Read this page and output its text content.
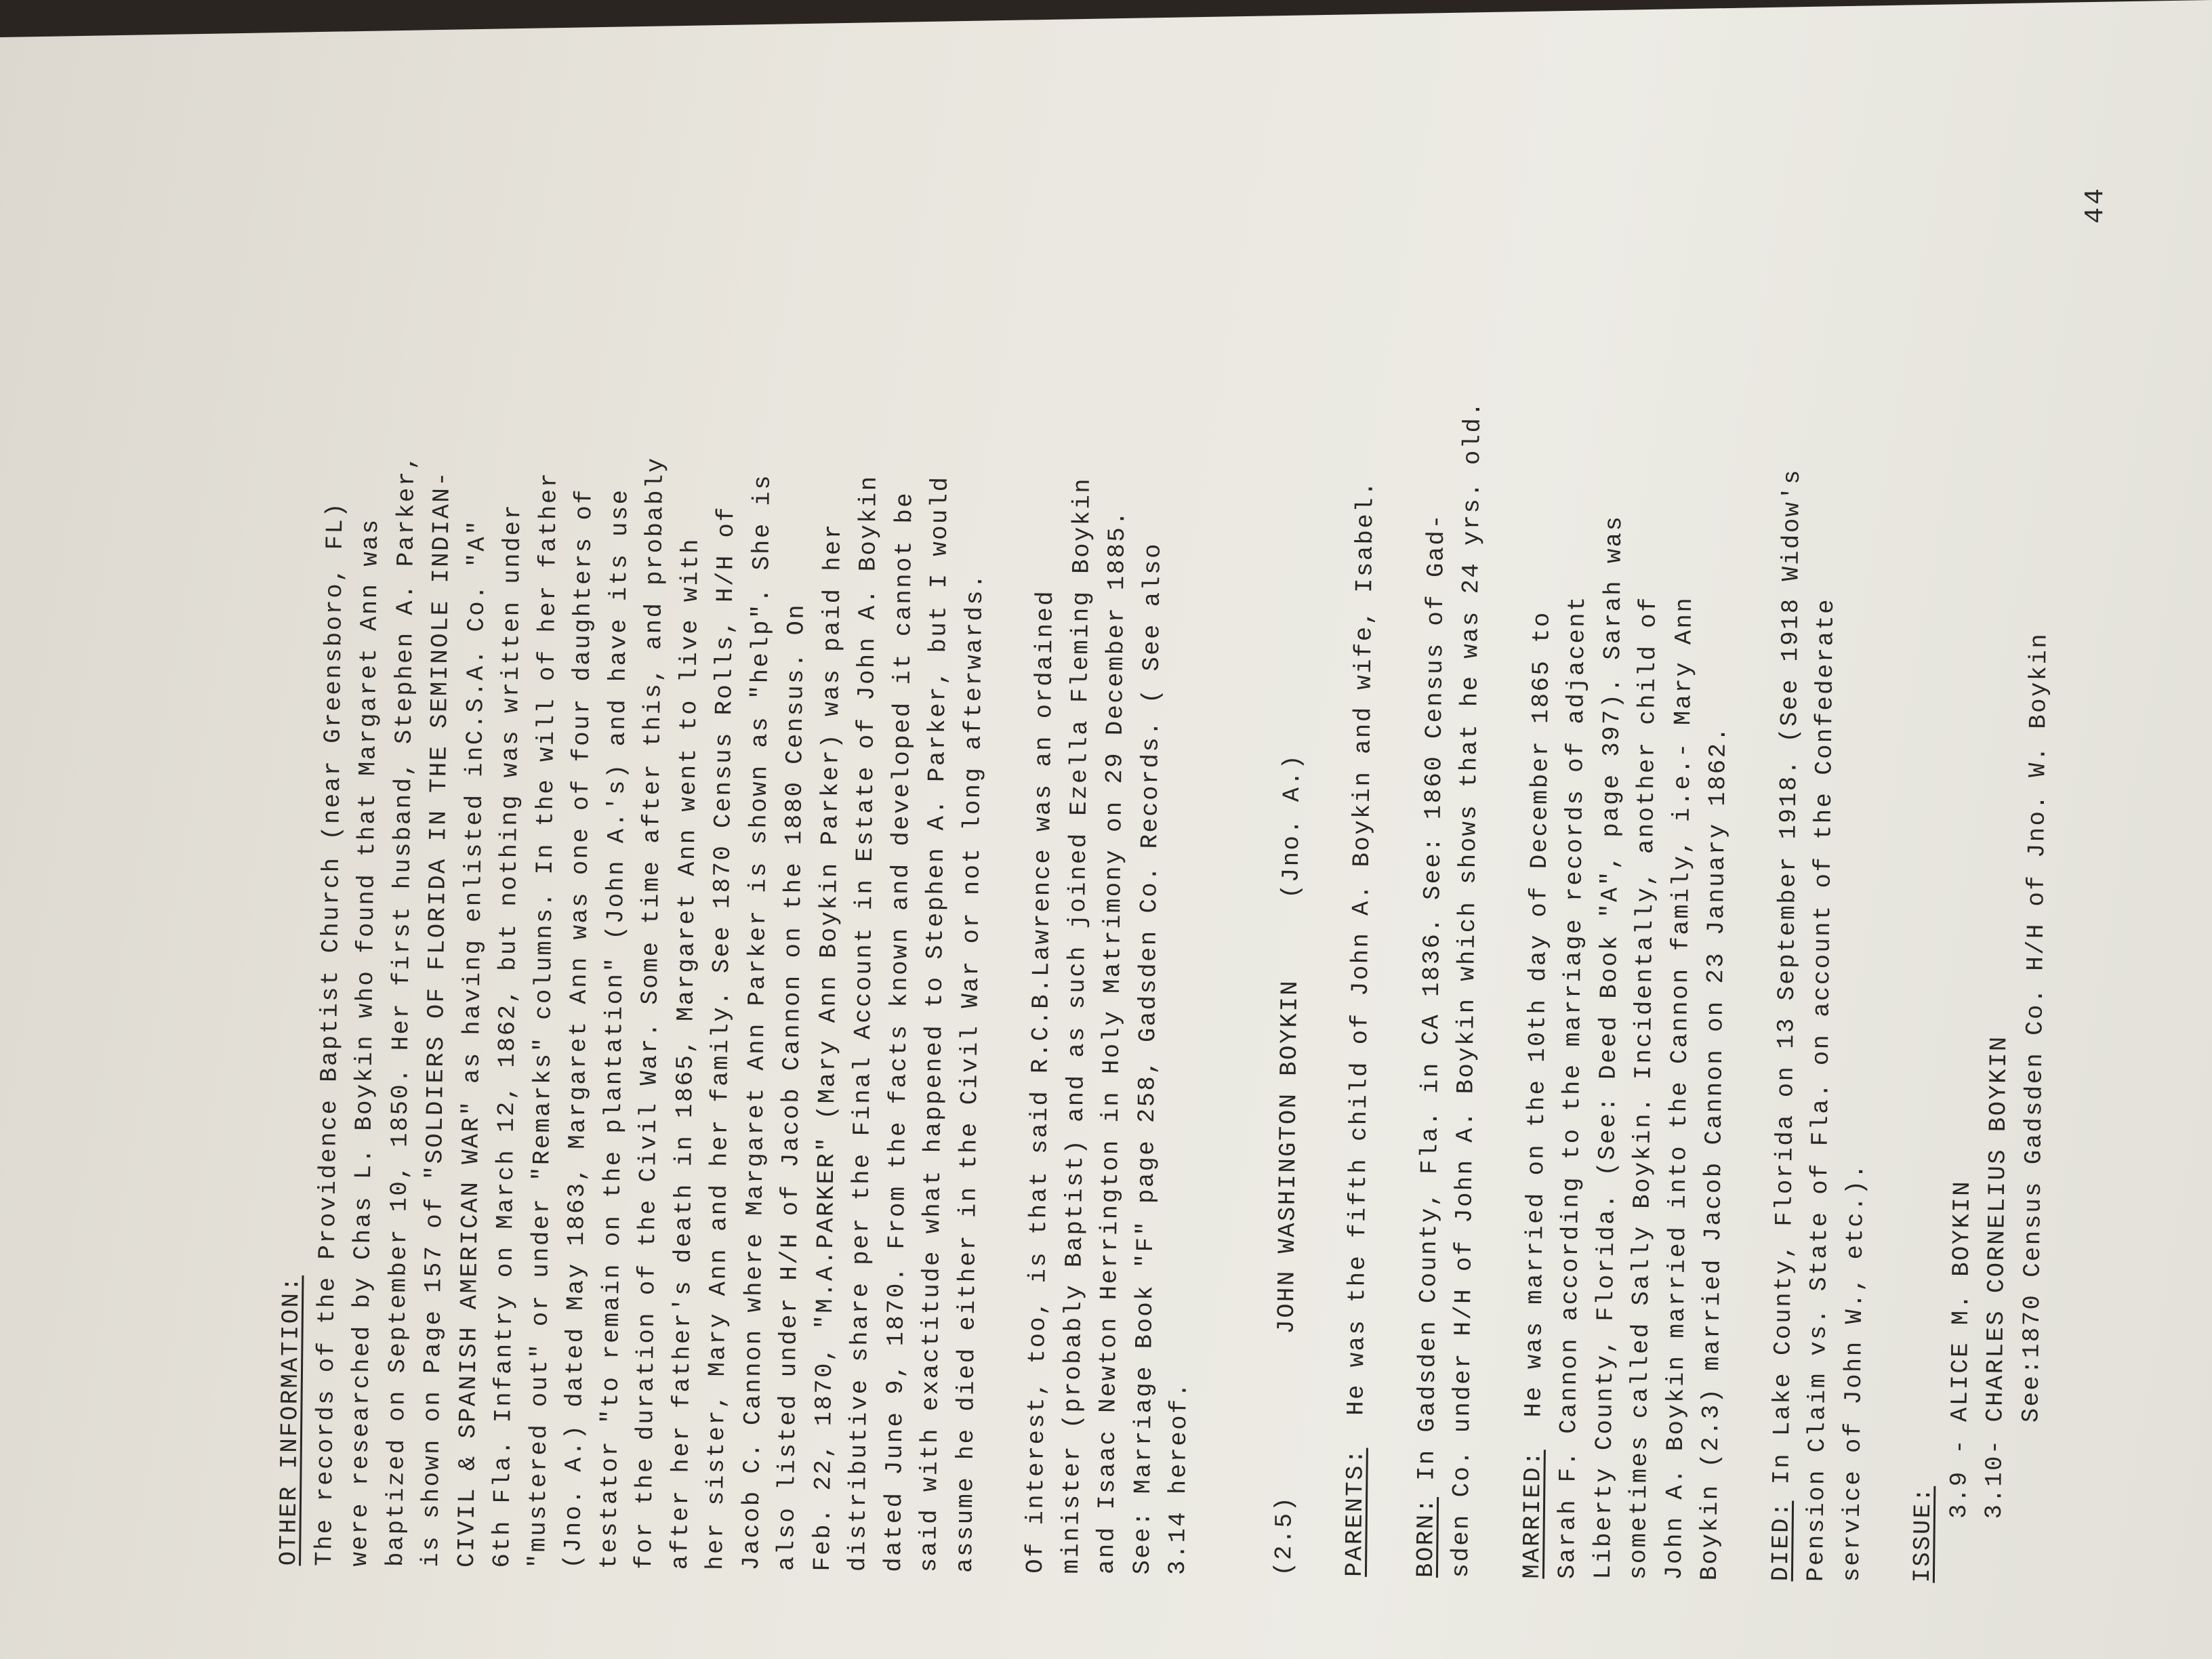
44
OTHER INFORMATION: The records of the Providence Baptist Church (near Greensboro, FL)
were researched by Chas L. Boykin who found that Margaret Ann was
baptized on September 10, 1850. Her first husband, Stephen A. Parker,
is shown on Page 157 of "SOLDIERS OF FLORIDA IN THE SEMINOLE INDIAN-
CIVIL & SPANISH AMERICAN WAR" as having enlisted inC.S.A. Co. "A"
6th Fla. Infantry on March 12, 1862, but nothing was written under
"mustered out" or under "Remarks" columns. In the will of her father
(Jno. A.) dated May 1863, Margaret Ann was one of four daughters of
testator "to remain on the plantation" (John A.'s) and have its use
for the duration of the Civil War. Some time after this, and probably
after her father's death in 1865, Margaret Ann went to live with
her sister, Mary Ann and her family. See 1870 Census Rolls, H/H of
Jacob C. Cannon where Margaret Ann Parker is shown as "help". She is
also listed under H/H of Jacob Cannon on the 1880 Census. On
Feb. 22, 1870, "M.A.PARKER" (Mary Ann Boykin Parker) was paid her
distributive share per the Final Account in Estate of John A. Boykin
dated June 9, 1870. From the facts known and developed it cannot be
said with exactitude what happened to Stephen A. Parker, but I would
assume he died either in the Civil War or not long afterwards.	Of interest, too, is that said R.C.B.Lawrence was an ordained
minister (probably Baptist) and as such joined Ezella Fleming Boykin
and Isaac Newton Herrington in Holy Matrimony on 29 December 1885.
See: Marriage Book "F" page 258, Gadsden Co. Records. ( See also
3.14 hereof.	(2.5)          JOHN WASHINGTON BOYKIN     (Jno. A.)
PARENTS:  He was the fifth child of John A. Boykin and wife, Isabel.
BORN: In Gadsden County, Fla. in CA 1836. See: 1860 Census of Gad-
sden Co. under H/H of John A. Boykin which shows that he was 24 yrs. old. MARRIED:  He was married on the 10th day of December 1865 to
Sarah F. Cannon according to the marriage records of adjacent
Liberty County, Florida. (See: Deed Book "A", page 397). Sarah was
sometimes called Sally Boykin. Incidentally, another child of
John A. Boykin married into the Cannon family, i.e.- Mary Ann
Boykin (2.3) married Jacob Cannon on 23 January 1862.	DIED: In Lake County, Florida on 13 September 1918. (See 1918 Widow's
Pension Claim vs. State of Fla. on account of the Confederate
service of John W., etc.).	ISSUE:
3.9 - ALICE M. BOYKIN 3.10- CHARLES CORNELIUS BOYKIN See:1870 Census Gadsden Co. H/H of Jno. W. Boykin
